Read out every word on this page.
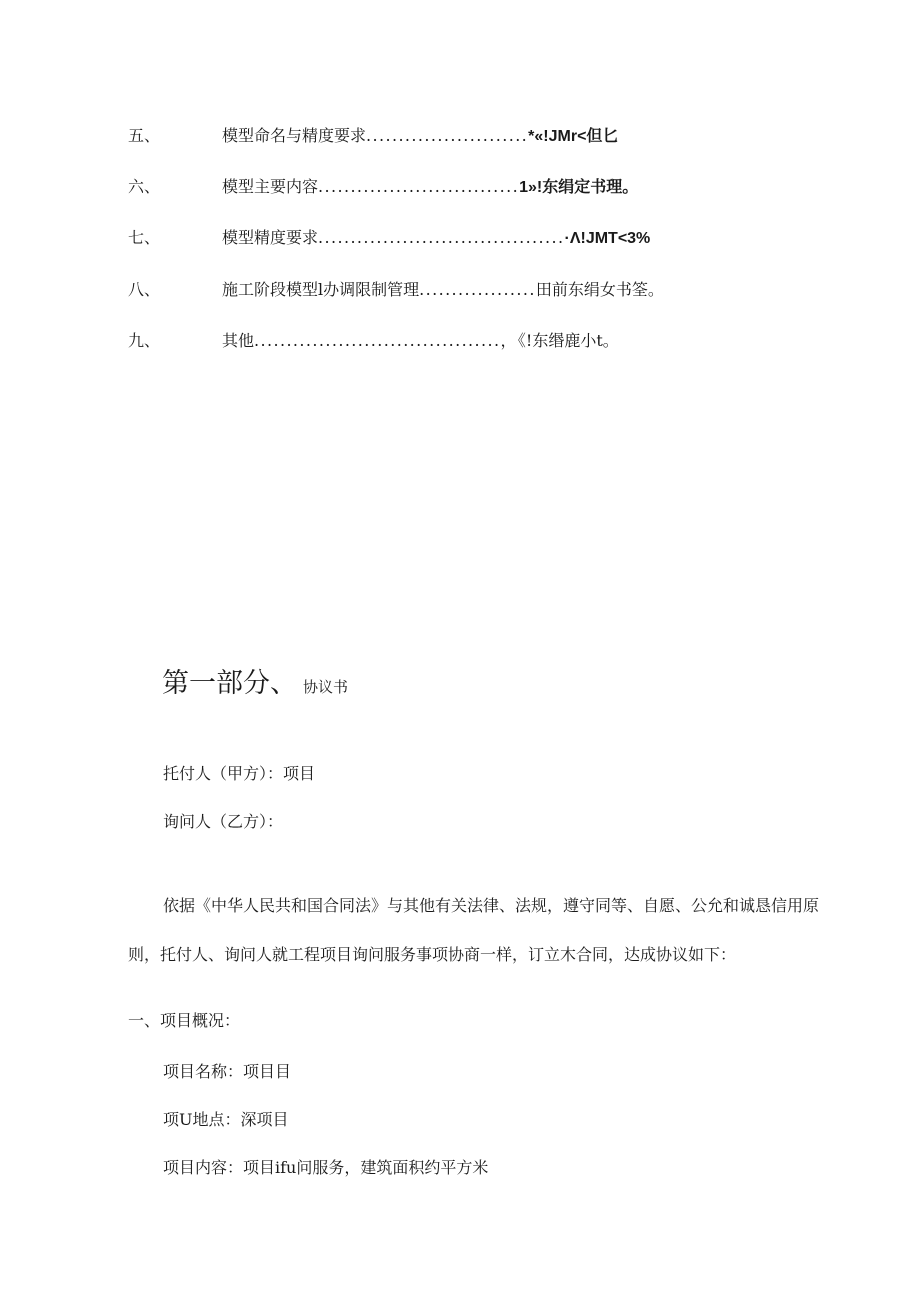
五、	模型命名与精度要求.........................*«!JMr<但匕
六、	模型主要内容...............................1»!东绢定书理。
七、	模型精度要求......................................·Λ!JMT<3%
八、	施工阶段模型l办调限制管理..................田前东绢女书筌。
九、	其他......................................，《!东缗鹿小t。
第一部分、 协议书
托付人（甲方）：项目
询问人（乙方）：
依据《中华人民共和国合同法》与其他有关法律、法规，遵守同等、自愿、公允和诚恳信用原
则，托付人、询问人就工程项目询问服务事项协商一样，订立木合同，达成协议如下：
一、项目概况：
项目名称：项目目
项U地点：深项目
项目内容：项目ifu问服务，建筑面积约平方米
